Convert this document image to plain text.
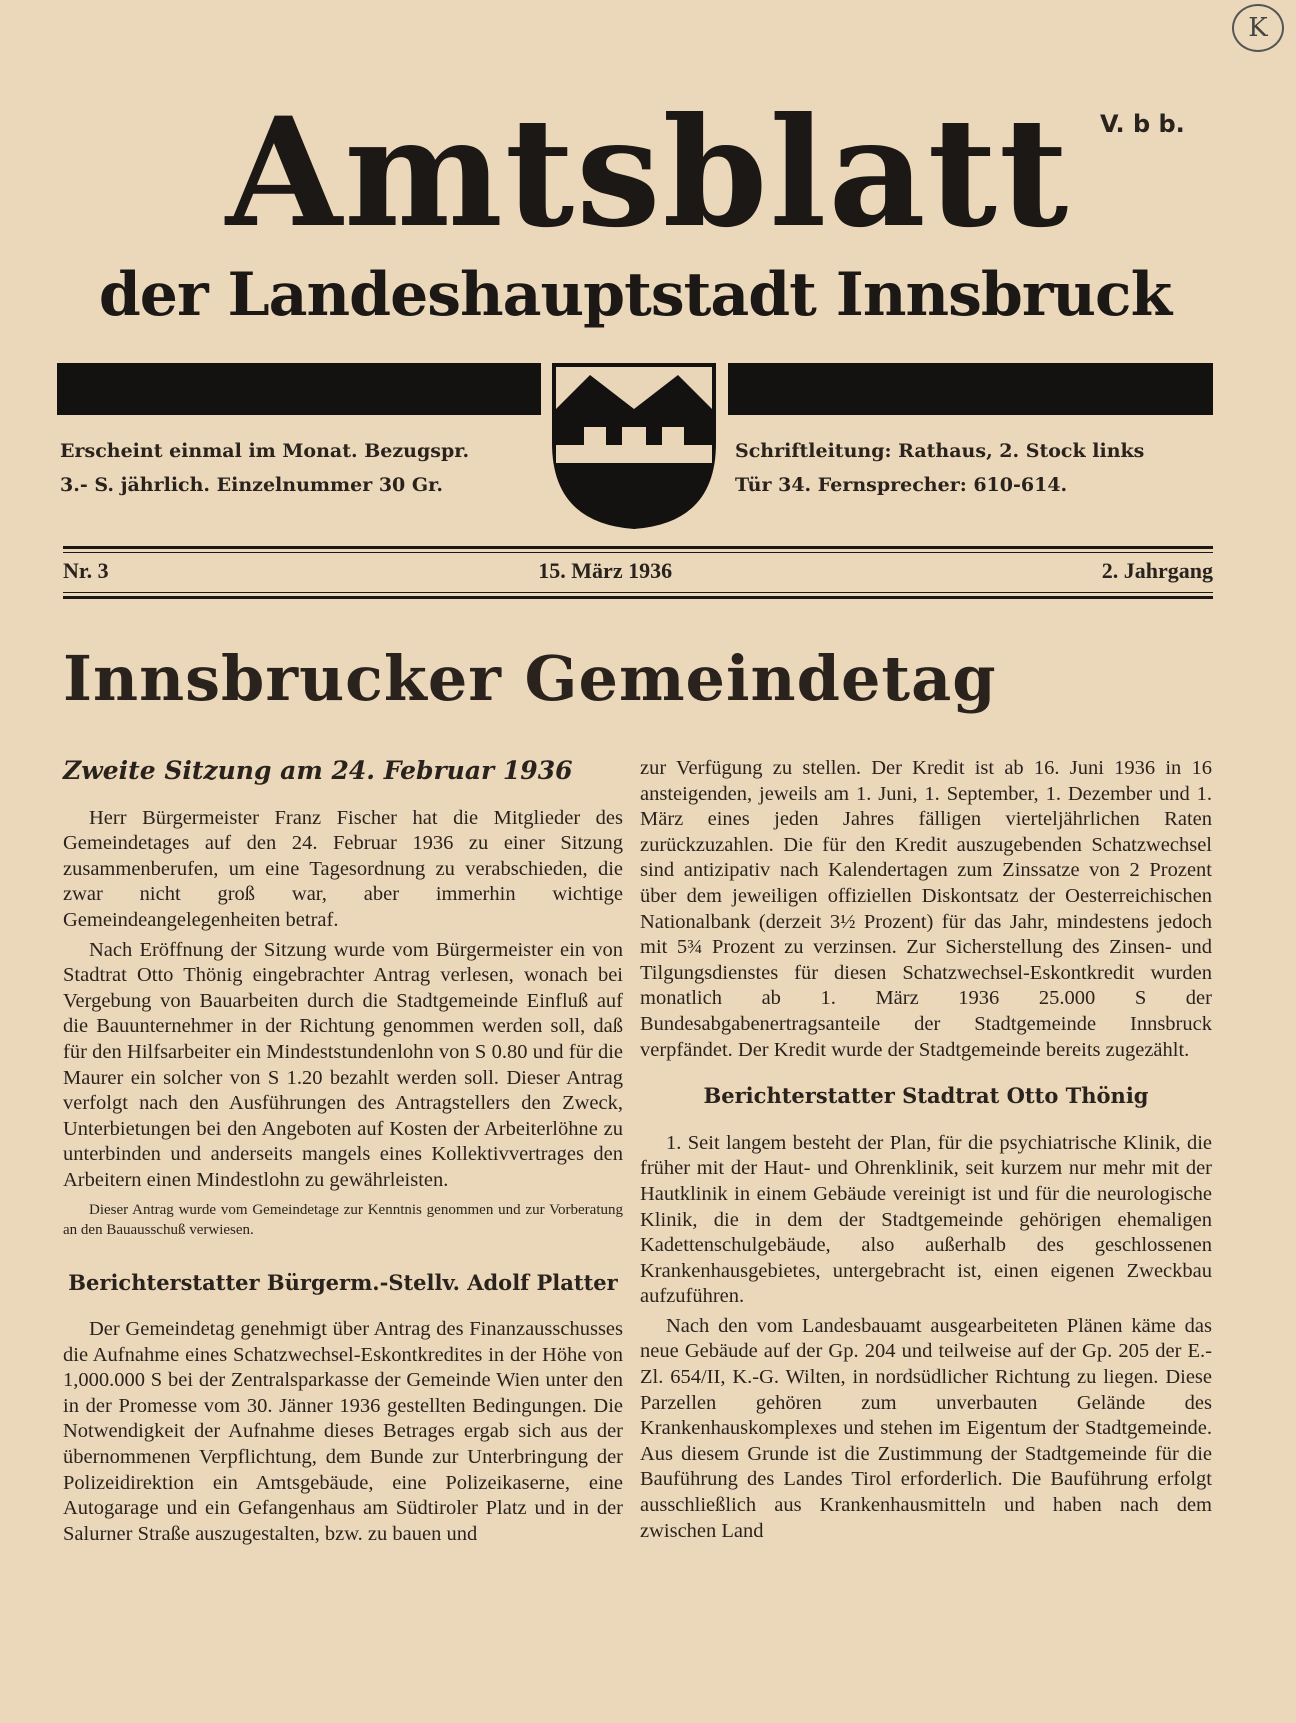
K
Amtsblatt	V. b b.
der Landeshauptstadt Innsbruck
Erscheint einmal im Monat. Bezugspr.
3.- S. jährlich. Einzelnummer 30 Gr.
Schriftleitung: Rathaus, 2. Stock links
Tür 34. Fernsprecher: 610-614.
Nr. 3	15. März 1936	2. Jahrgang
Innsbrucker Gemeindetag
Zweite Sitzung am 24. Februar 1936

Herr Bürgermeister Franz Fischer hat die Mitglieder des Gemeindetages auf den 24. Februar 1936 zu einer Sitzung zusammenberufen, um eine Tagesordnung zu verabschieden, die zwar nicht groß war, aber immerhin wichtige Gemeindeangelegenheiten betraf.

Nach Eröffnung der Sitzung wurde vom Bürgermeister ein von Stadtrat Otto Thönig eingebrachter Antrag verlesen, wonach bei Vergebung von Bauarbeiten durch die Stadtgemeinde Einfluß auf die Bauunternehmer in der Richtung genommen werden soll, daß für den Hilfsarbeiter ein Mindeststundenlohn von S 0.80 und für die Maurer ein solcher von S 1.20 bezahlt werden soll. Dieser Antrag verfolgt nach den Ausführungen des Antragstellers den Zweck, Unterbietungen bei den Angeboten auf Kosten der Arbeiterlöhne zu unterbinden und anderseits mangels eines Kollektivvertrages den Arbeitern einen Mindestlohn zu gewährleisten.

Dieser Antrag wurde vom Gemeindetage zur Kenntnis genommen und zur Vorberatung an den Bauausschuß verwiesen.

Berichterstatter Bürgerm.-Stellv. Adolf Platter

Der Gemeindetag genehmigt über Antrag des Finanzausschusses die Aufnahme eines Schatzwechsel-Eskontkredites in der Höhe von 1,000.000 S bei der Zentralsparkasse der Gemeinde Wien unter den in der Promesse vom 30. Jänner 1936 gestellten Bedingungen. Die Notwendigkeit der Aufnahme dieses Betrages ergab sich aus der übernommenen Verpflichtung, dem Bunde zur Unterbringung der Polizeidirektion ein Amtsgebäude, eine Polizeikaserne, eine Autogarage und ein Gefangenhaus am Südtiroler Platz und in der Salurner Straße auszugestalten, bzw. zu bauen und

zur Verfügung zu stellen. Der Kredit ist ab 16. Juni 1936 in 16 ansteigenden, jeweils am 1. Juni, 1. September, 1. Dezember und 1. März eines jeden Jahres fälligen vierteljährlichen Raten zurückzuzahlen. Die für den Kredit auszugebenden Schatzwechsel sind antizipativ nach Kalendertagen zum Zinssatze von 2 Prozent über dem jeweiligen offiziellen Diskontsatz der Oesterreichischen Nationalbank (derzeit 3½ Prozent) für das Jahr, mindestens jedoch mit 5¾ Prozent zu verzinsen. Zur Sicherstellung des Zinsen- und Tilgungsdienstes für diesen Schatzwechsel-Eskontkredit wurden monatlich ab 1. März 1936 25.000 S der Bundesabgabenertragsanteile der Stadtgemeinde Innsbruck verpfändet. Der Kredit wurde der Stadtgemeinde bereits zugezählt.

Berichterstatter Stadtrat Otto Thönig

1. Seit langem besteht der Plan, für die psychiatrische Klinik, die früher mit der Haut- und Ohrenklinik, seit kurzem nur mehr mit der Hautklinik in einem Gebäude vereinigt ist und für die neurologische Klinik, die in dem der Stadtgemeinde gehörigen ehemaligen Kadettenschulgebäude, also außerhalb des geschlossenen Krankenhausgebietes, untergebracht ist, einen eigenen Zweckbau aufzuführen.

Nach den vom Landesbauamt ausgearbeiteten Plänen käme das neue Gebäude auf der Gp. 204 und teilweise auf der Gp. 205 der E.-Zl. 654/II, K.-G. Wilten, in nordsüdlicher Richtung zu liegen. Diese Parzellen gehören zum unverbauten Gelände des Krankenhauskomplexes und stehen im Eigentum der Stadtgemeinde. Aus diesem Grunde ist die Zustimmung der Stadtgemeinde für die Bauführung des Landes Tirol erforderlich. Die Bauführung erfolgt ausschließlich aus Krankenhausmitteln und haben nach dem zwischen Land
